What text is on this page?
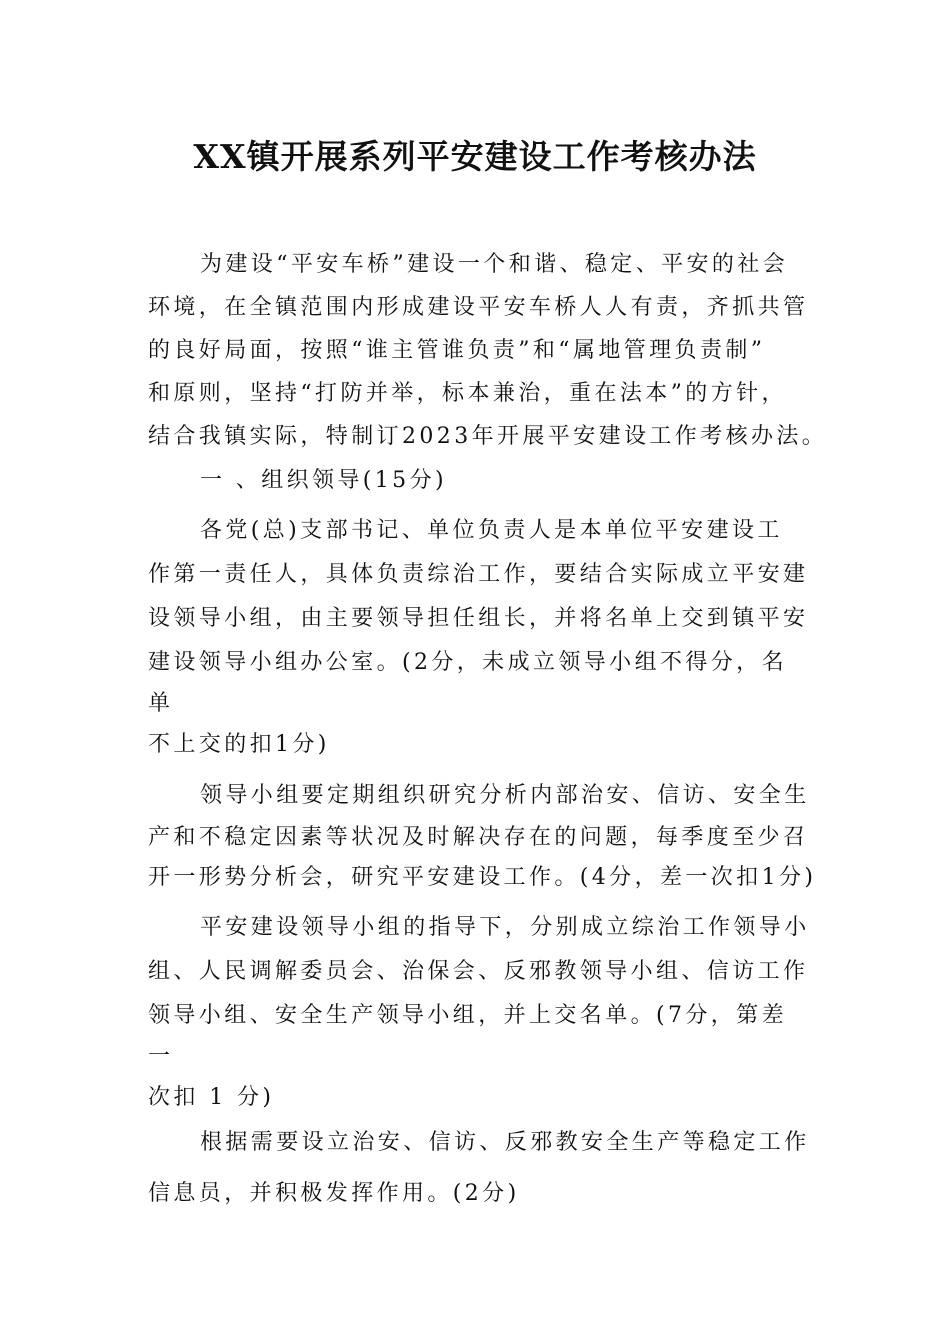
XX镇开展系列平安建设工作考核办法
为建设“平安车桥”建设一个和谐、稳定、平安的社会
环境，在全镇范围内形成建设平安车桥人人有责，齐抓共管
的良好局面，按照“谁主管谁负责”和“属地管理负责制”
和原则，坚持“打防并举，标本兼治，重在法本”的方针，
结合我镇实际，特制订2023年开展平安建设工作考核办法。
一 、组织领导(15分)
各党(总)支部书记、单位负责人是本单位平安建设工
作第一责任人，具体负责综治工作，要结合实际成立平安建
设领导小组，由主要领导担任组长，并将名单上交到镇平安
建设领导小组办公室。(2分，未成立领导小组不得分，名
单
不上交的扣1分)
领导小组要定期组织研究分析内部治安、信访、安全生
产和不稳定因素等状况及时解决存在的问题，每季度至少召
开一形势分析会，研究平安建设工作。(4分，差一次扣1分)
平安建设领导小组的指导下，分别成立综治工作领导小
组、人民调解委员会、治保会、反邪教领导小组、信访工作
领导小组、安全生产领导小组，并上交名单。(7分，第差
一
次扣 1 分)
根据需要设立治安、信访、反邪教安全生产等稳定工作
信息员，并积极发挥作用。(2分)
